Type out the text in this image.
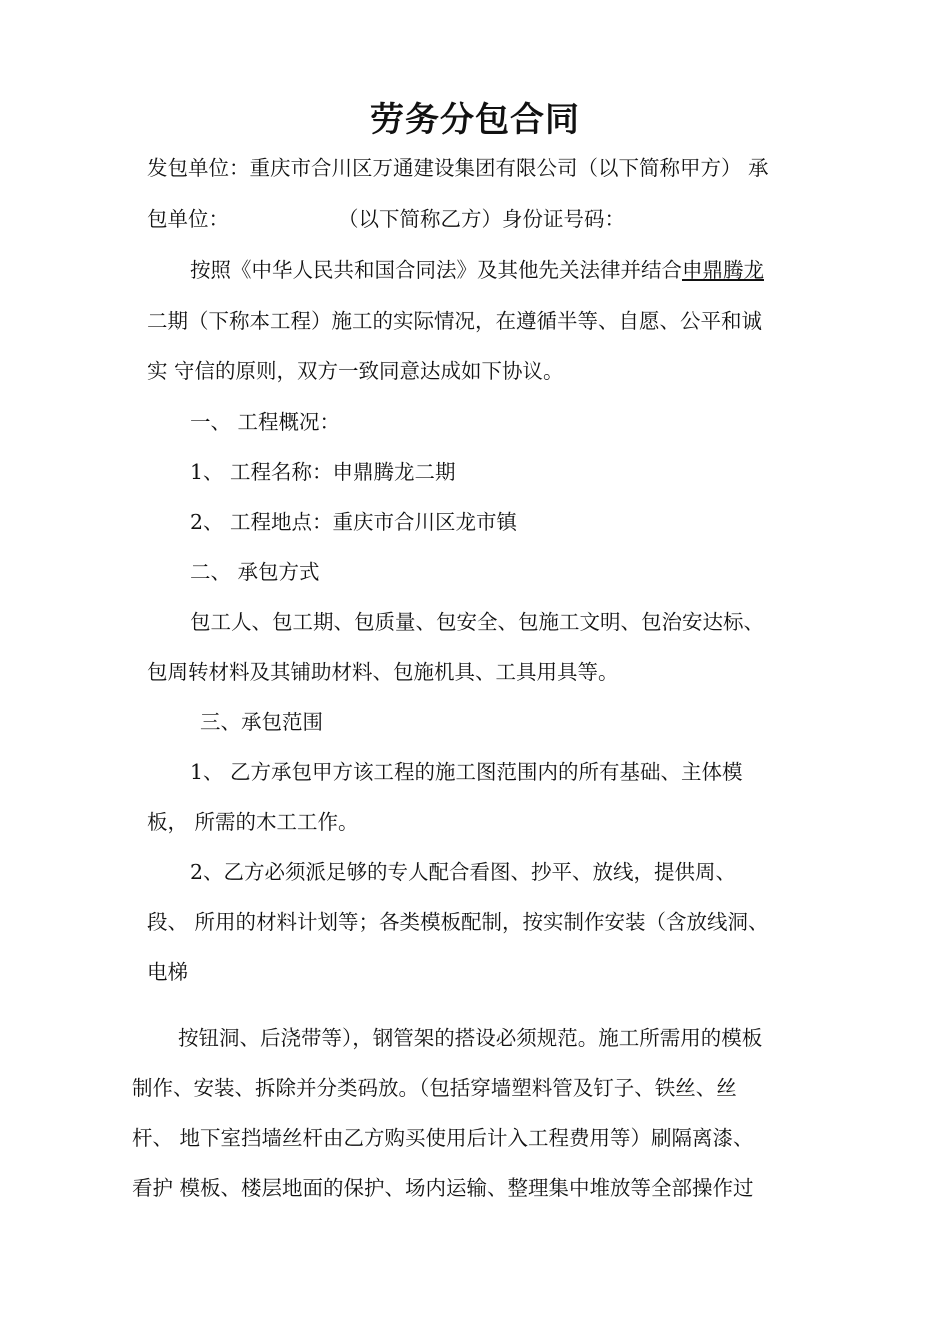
劳务分包合同
发包单位：重庆市合川区万通建设集团有限公司（以下简称甲方） 承
包单位：	（以下简称乙方）身份证号码：
按照《中华人民共和国合同法》及其他先关法律并结合申鼎腾龙
二期（下称本工程）施工的实际情况，在遵循半等、自愿、公平和诚
实 守信的原则，双方一致同意达成如下协议。
一、 工程概况：
1、 工程名称：申鼎腾龙二期
2、 工程地点：重庆市合川区龙市镇
二、 承包方式
包工人、包工期、包质量、包安全、包施工文明、包治安达标、
包周转材料及其铺助材料、包施机具、工具用具等。
三、承包范围
1、 乙方承包甲方该工程的施工图范围内的所有基础、主体模
板， 所需的木工工作。
2、乙方必须派足够的专人配合看图、抄平、放线，提供周、
段、 所用的材料计划等；各类模板配制，按实制作安装（含放线洞、
电梯
按钮洞、后浇带等），钢管架的搭设必须规范。施工所需用的模板
制作、安装、拆除并分类码放。（包括穿墙塑料管及钉子、铁丝、丝
杆、 地下室挡墙丝杆由乙方购买使用后计入工程费用等）刷隔离漆、
看护 模板、楼层地面的保护、场内运输、整理集中堆放等全部操作过
